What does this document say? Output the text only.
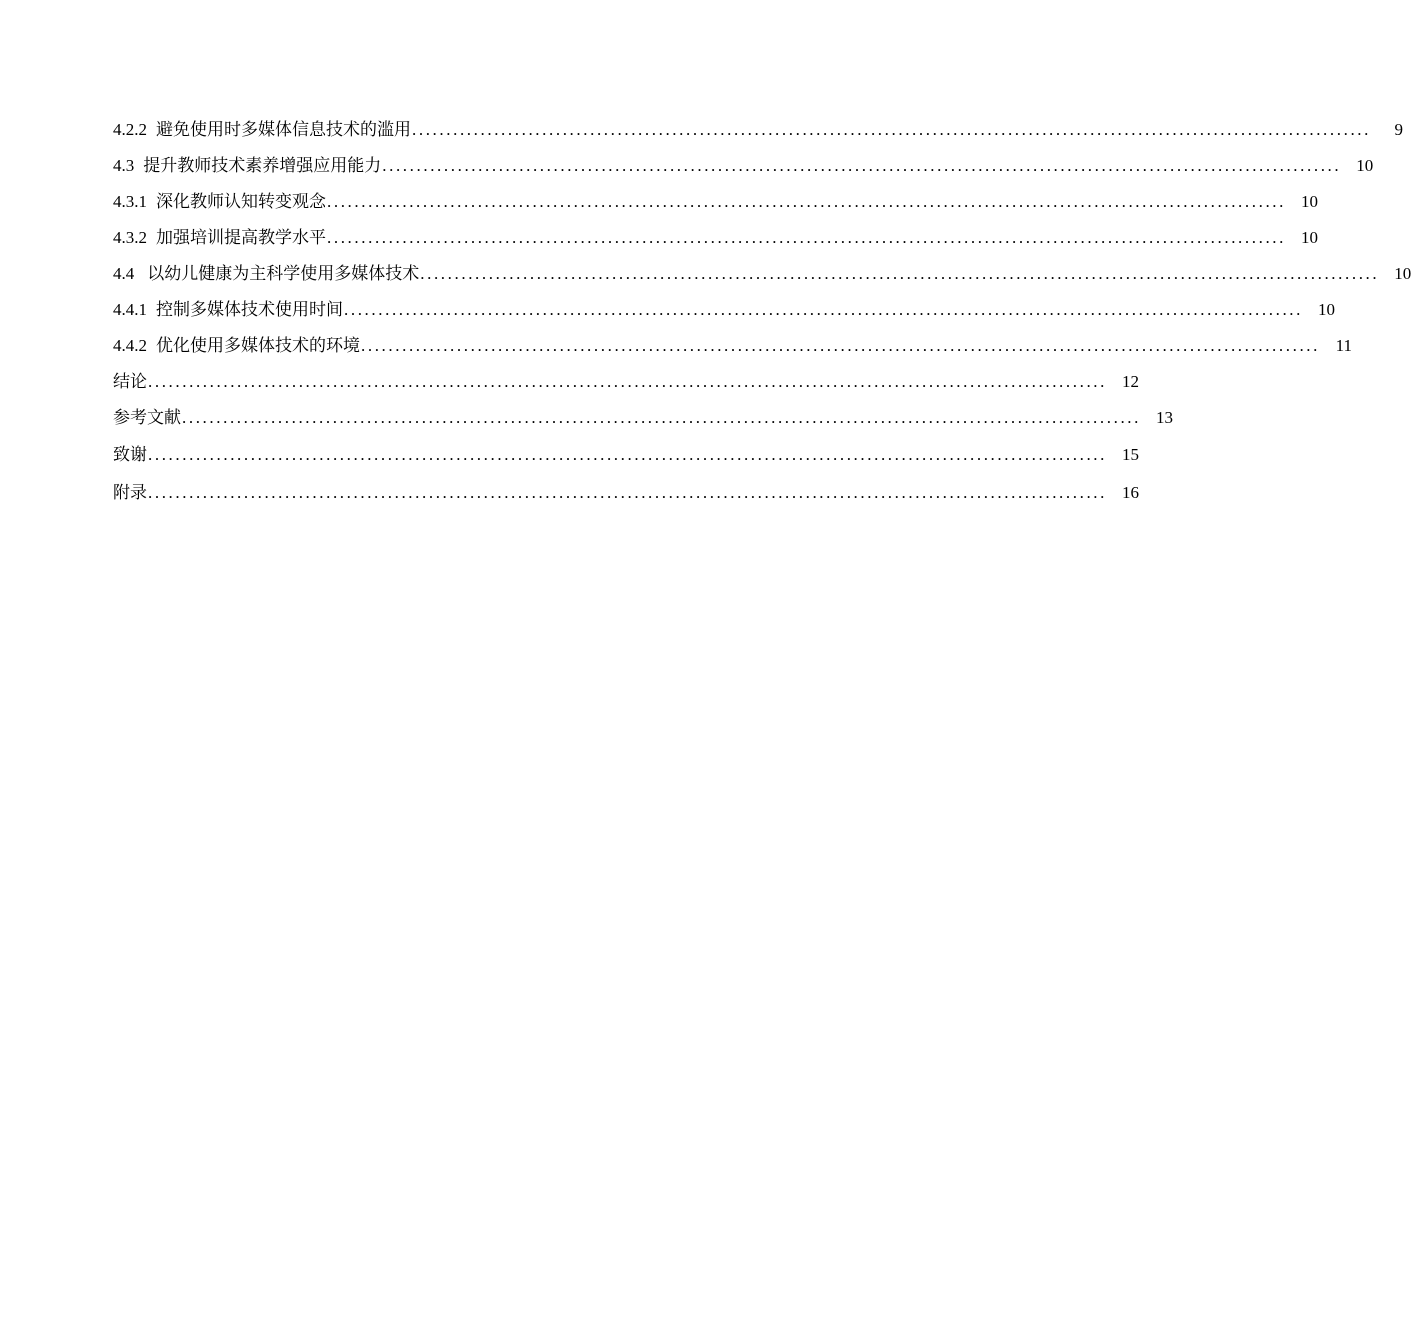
4.2.2 避免使用时多媒体信息技术的滥用 ............................................................................................................................................	9
4.3 提升教师技术素养增强应用能力 ............................................................................................................................................ 10
4.3.1 深化教师认知转变观念 ............................................................................................................................................ 10
4.3.2 加强培训提高教学水平 ............................................................................................................................................ 10
4.4 以幼儿健康为主科学使用多媒体技术 ............................................................................................................................................ 10
4.4.1 控制多媒体技术使用时间 ............................................................................................................................................ 10
4.4.2 优化使用多媒体技术的环境 ............................................................................................................................................ 11
结论 ............................................................................................................................................ 12
参考文献 ............................................................................................................................................ 13
致谢 ............................................................................................................................................ 15
附录 ............................................................................................................................................ 16
